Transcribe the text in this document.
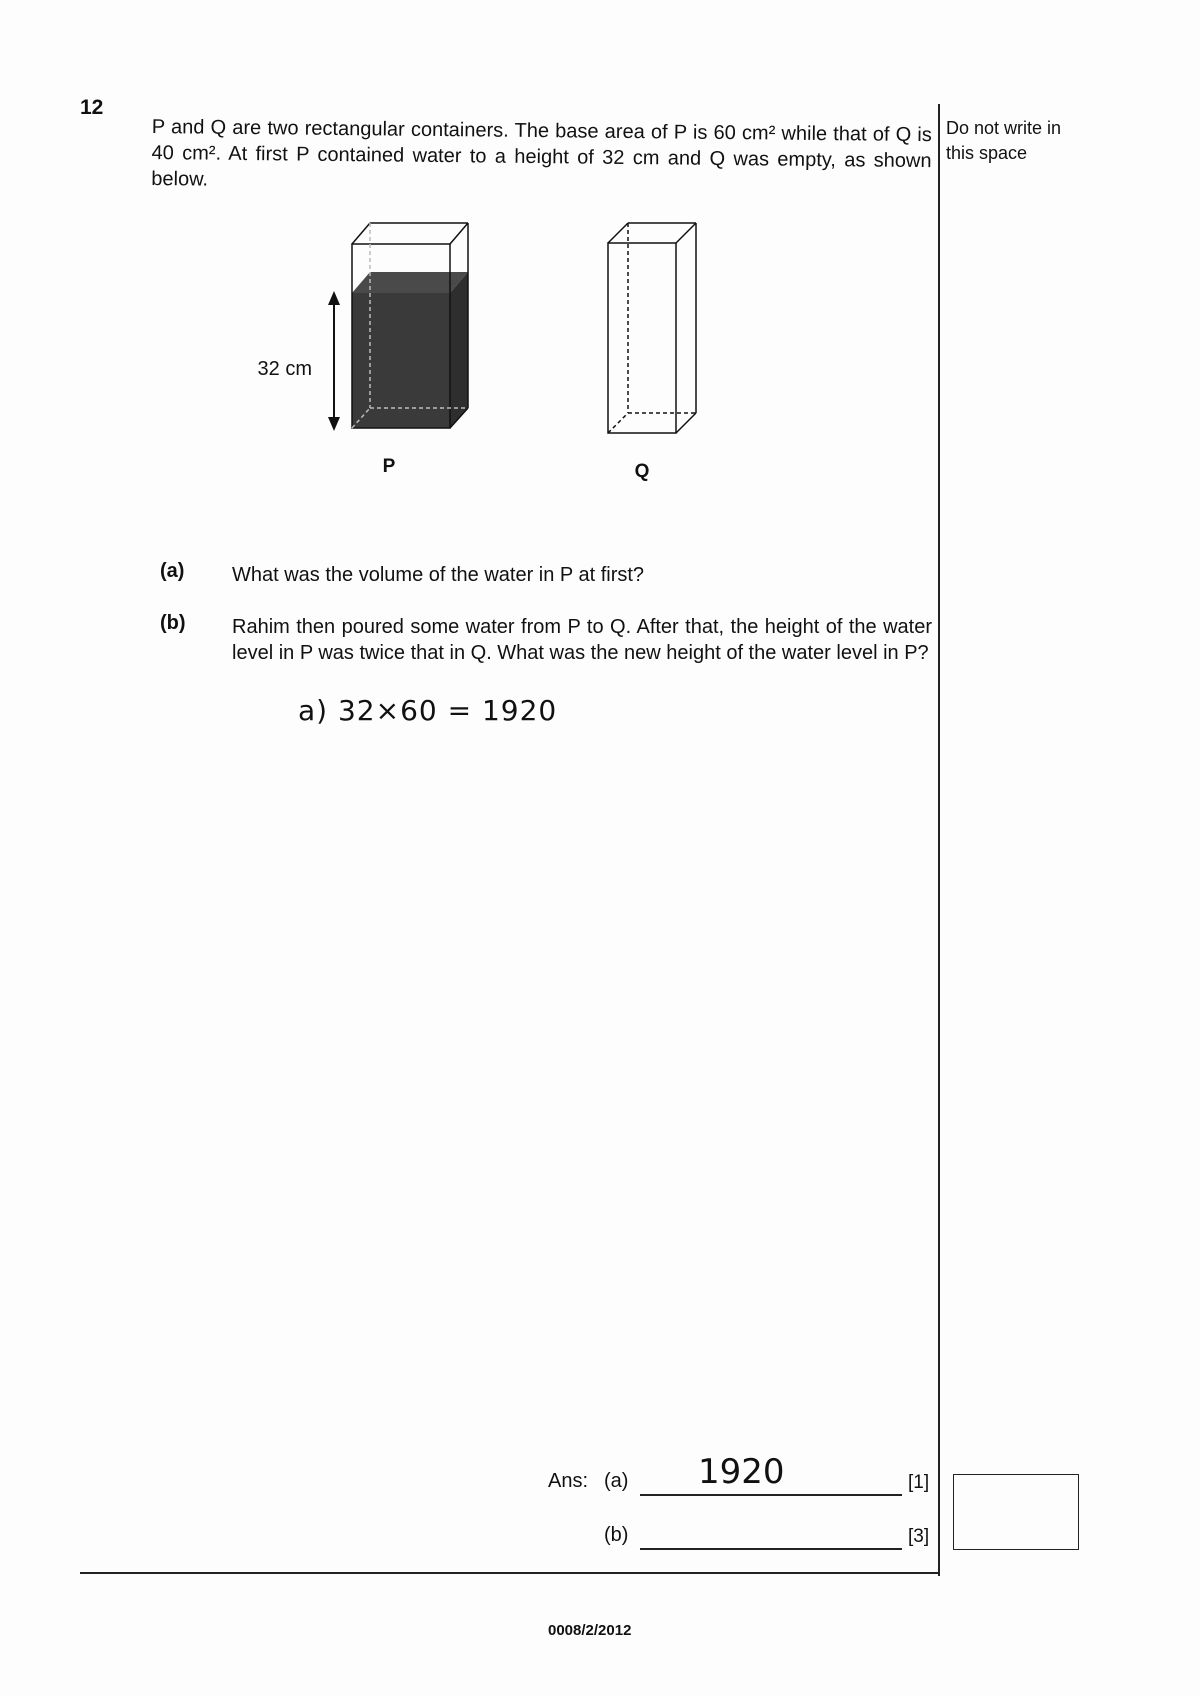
12
P and Q are two rectangular containers. The base area of P is 60 cm² while that of Q is 40 cm². At first P contained water to a height of 32 cm and Q was empty, as shown below.
Do not write in this space
32 cm
P	Q
(a) What was the volume of the water in P at first?
(b) Rahim then poured some water from P to Q. After that, the height of the water level in P was twice that in Q. What was the new height of the water level in P?
a) 32×60 = 1920
Ans: (a) 1920	[1]
(b)	[3]
0008/2/2012
